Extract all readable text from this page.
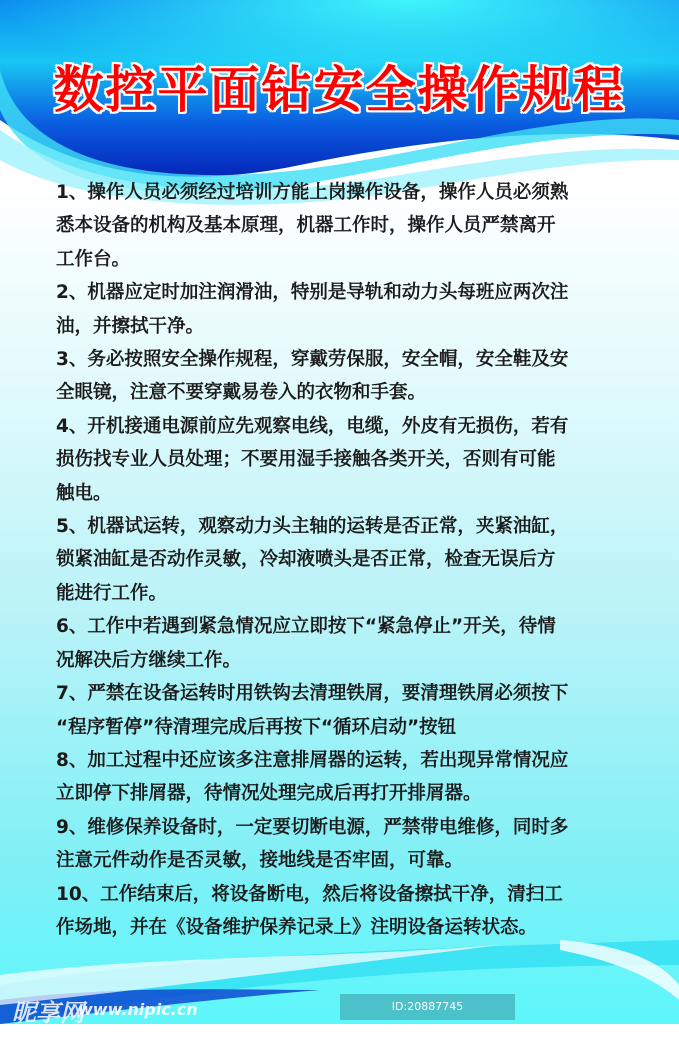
数控平面钻安全操作规程
1、操作人员必须经过培训方能上岗操作设备，操作人员必须熟
悉本设备的机构及基本原理，机器工作时，操作人员严禁离开
工作台。
2、机器应定时加注润滑油，特别是导轨和动力头每班应两次注
油，并擦拭干净。
3、务必按照安全操作规程，穿戴劳保服，安全帽，安全鞋及安
全眼镜，注意不要穿戴易卷入的衣物和手套。
4、开机接通电源前应先观察电线，电缆，外皮有无损伤，若有
损伤找专业人员处理；不要用湿手接触各类开关，否则有可能
触电。
5、机器试运转，观察动力头主轴的运转是否正常，夹紧油缸，
锁紧油缸是否动作灵敏，冷却液喷头是否正常，检查无误后方
能进行工作。
6、工作中若遇到紧急情况应立即按下“紧急停止”开关，待情
况解决后方继续工作。
7、严禁在设备运转时用铁钩去清理铁屑，要清理铁屑必须按下
“程序暂停”待清理完成后再按下“循环启动”按钮
8、加工过程中还应该多注意排屑器的运转，若出现异常情况应
立即停下排屑器，待情况处理完成后再打开排屑器。
9、维修保养设备时，一定要切断电源，严禁带电维修，同时多
注意元件动作是否灵敏，接地线是否牢固，可靠。
10、工作结束后，将设备断电，然后将设备擦拭干净，清扫工
作场地，并在《设备维护保养记录上》注明设备运转状态。
昵享网
www.nipic.cn	ID:20887745 NO:20210607102604091108
